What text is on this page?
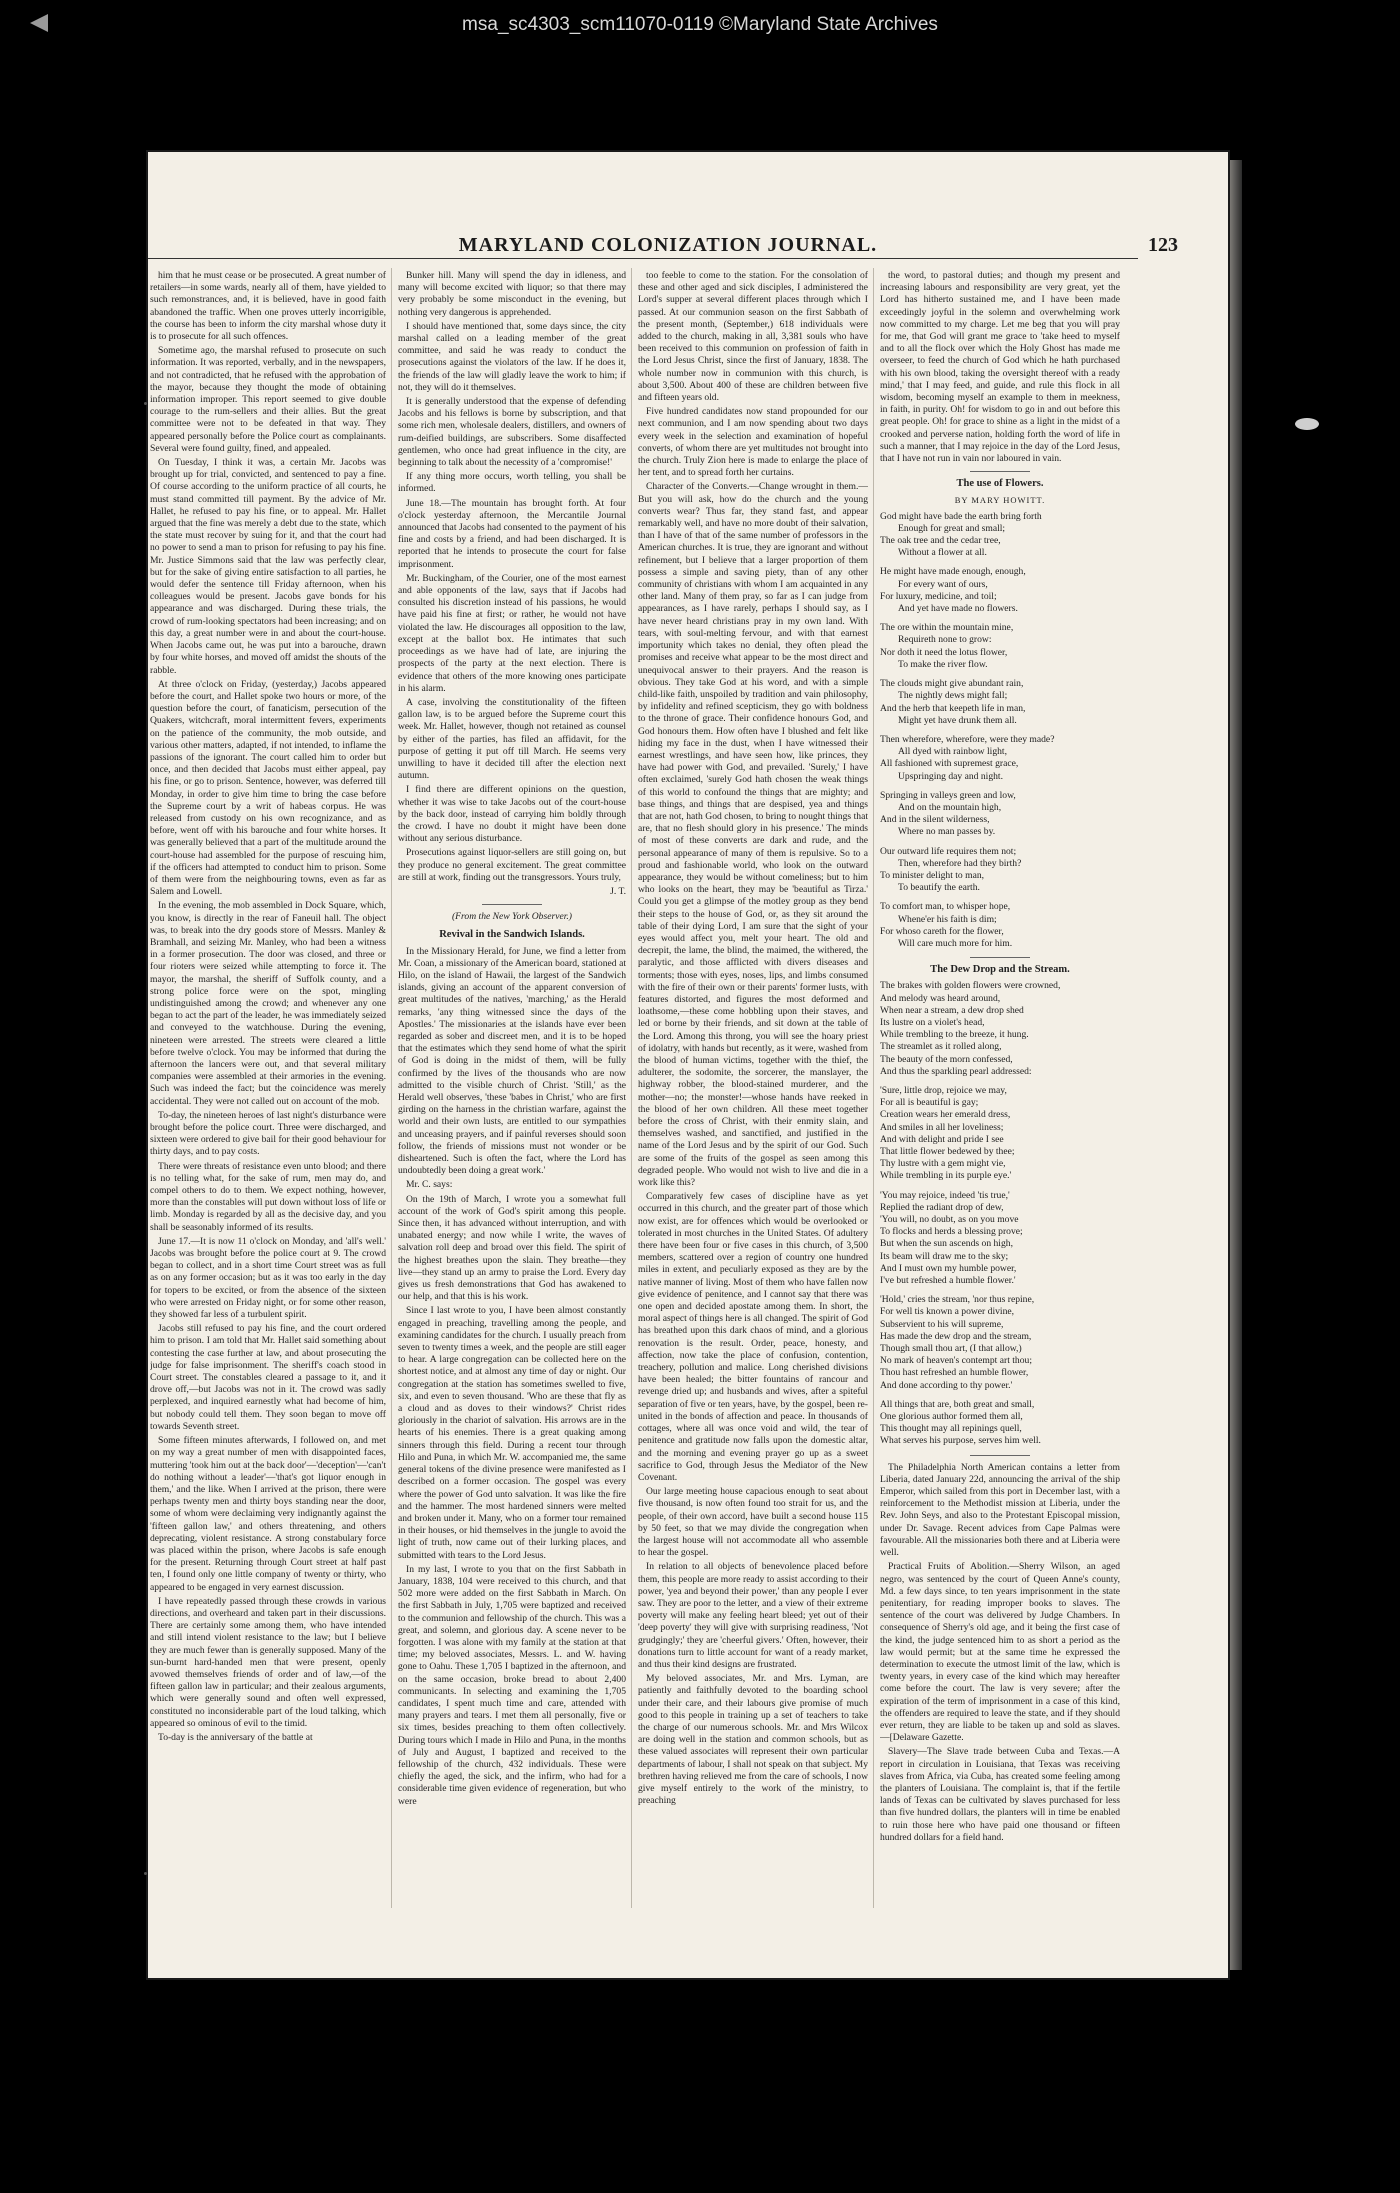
msa_sc4303_scm11070-0119 ©Maryland State Archives
MARYLAND COLONIZATION JOURNAL.	123

him that he must cease or be prosecuted. A great number of retailers—in some wards, nearly all of them, have yielded to such remonstrances, and, it is believed, have in good faith abandoned the traffic. When one proves utterly incorrigible, the course has been to inform the city marshal whose duty it is to prosecute for all such offences.

Sometime ago, the marshal refused to prosecute on such information. It was reported, verbally, and in the newspapers, and not contradicted, that he refused with the approbation of the mayor, because they thought the mode of obtaining information improper. This report seemed to give double courage to the rum-sellers and their allies. But the great committee were not to be defeated in that way. They appeared personally before the Police court as complainants. Several were found guilty, fined, and appealed.

On Tuesday, I think it was, a certain Mr. Jacobs was brought up for trial, convicted, and sentenced to pay a fine. Of course according to the uniform practice of all courts, he must stand committed till payment. By the advice of Mr. Hallet, he refused to pay his fine, or to appeal. Mr. Hallet argued that the fine was merely a debt due to the state, which the state must recover by suing for it, and that the court had no power to send a man to prison for refusing to pay his fine. Mr. Justice Simmons said that the law was perfectly clear, but for the sake of giving entire satisfaction to all parties, he would defer the sentence till Friday afternoon, when his colleagues would be present. Jacobs gave bonds for his appearance and was discharged. During these trials, the crowd of rum-looking spectators had been increasing; and on this day, a great number were in and about the court-house. When Jacobs came out, he was put into a barouche, drawn by four white horses, and moved off amidst the shouts of the rabble.

At three o'clock on Friday, (yesterday,) Jacobs appeared before the court, and Hallet spoke two hours or more, of the question before the court, of fanaticism, persecution of the Quakers, witchcraft, moral intermittent fevers, experiments on the patience of the community, the mob outside, and various other matters, adapted, if not intended, to inflame the passions of the ignorant. The court called him to order but once, and then decided that Jacobs must either appeal, pay his fine, or go to prison. Sentence, however, was deferred till Monday, in order to give him time to bring the case before the Supreme court by a writ of habeas corpus. He was released from custody on his own recognizance, and as before, went off with his barouche and four white horses. It was generally believed that a part of the multitude around the court-house had assembled for the purpose of rescuing him, if the officers had attempted to conduct him to prison. Some of them were from the neighbouring towns, even as far as Salem and Lowell.

In the evening, the mob assembled in Dock Square, which, you know, is directly in the rear of Faneuil hall. The object was, to break into the dry goods store of Messrs. Manley & Bramhall, and seizing Mr. Manley, who had been a witness in a former prosecution. The door was closed, and three or four rioters were seized while attempting to force it. The mayor, the marshal, the sheriff of Suffolk county, and a strong police force were on the spot, mingling undistinguished among the crowd; and whenever any one began to act the part of the leader, he was immediately seized and conveyed to the watchhouse. During the evening, nineteen were arrested. The streets were cleared a little before twelve o'clock. You may be informed that during the afternoon the lancers were out, and that several military companies were assembled at their armories in the evening. Such was indeed the fact; but the coincidence was merely accidental. They were not called out on account of the mob.

To-day, the nineteen heroes of last night's disturbance were brought before the police court. Three were discharged, and sixteen were ordered to give bail for their good behaviour for thirty days, and to pay costs.

There were threats of resistance even unto blood; and there is no telling what, for the sake of rum, men may do, and compel others to do to them. We expect nothing, however, more than the constables will put down without loss of life or limb. Monday is regarded by all as the decisive day, and you shall be seasonably informed of its results.

June 17.—It is now 11 o'clock on Monday, and 'all's well.' Jacobs was brought before the police court at 9. The crowd began to collect, and in a short time Court street was as full as on any former occasion; but as it was too early in the day for topers to be excited, or from the absence of the sixteen who were arrested on Friday night, or for some other reason, they showed far less of a turbulent spirit.

Jacobs still refused to pay his fine, and the court ordered him to prison. I am told that Mr. Hallet said something about contesting the case further at law, and about prosecuting the judge for false imprisonment. The sheriff's coach stood in Court street. The constables cleared a passage to it, and it drove off,—but Jacobs was not in it. The crowd was sadly perplexed, and inquired earnestly what had become of him, but nobody could tell them. They soon began to move off towards Seventh street.

Some fifteen minutes afterwards, I followed on, and met on my way a great number of men with disappointed faces, muttering 'took him out at the back door'—'deception'—'can't do nothing without a leader'—'that's got liquor enough in them,' and the like. When I arrived at the prison, there were perhaps twenty men and thirty boys standing near the door, some of whom were declaiming very indignantly against the 'fifteen gallon law,' and others threatening, and others deprecating, violent resistance. A strong constabulary force was placed within the prison, where Jacobs is safe enough for the present. Returning through Court street at half past ten, I found only one little company of twenty or thirty, who appeared to be engaged in very earnest discussion.

I have repeatedly passed through these crowds in various directions, and overheard and taken part in their discussions. There are certainly some among them, who have intended and still intend violent resistance to the law; but I believe they are much fewer than is generally supposed. Many of the sun-burnt hard-handed men that were present, openly avowed themselves friends of order and of law,—of the fifteen gallon law in particular; and their zealous arguments, which were generally sound and often well expressed, constituted no inconsiderable part of the loud talking, which appeared so ominous of evil to the timid.

To-day is the anniversary of the battle at

Bunker hill. Many will spend the day in idleness, and many will become excited with liquor; so that there may very probably be some misconduct in the evening, but nothing very dangerous is apprehended.

I should have mentioned that, some days since, the city marshal called on a leading member of the great committee, and said he was ready to conduct the prosecutions against the violators of the law. If he does it, the friends of the law will gladly leave the work to him; if not, they will do it themselves.

It is generally understood that the expense of defending Jacobs and his fellows is borne by subscription, and that some rich men, wholesale dealers, distillers, and owners of rum-deified buildings, are subscribers. Some disaffected gentlemen, who once had great influence in the city, are beginning to talk about the necessity of a 'compromise!'

If any thing more occurs, worth telling, you shall be informed.

June 18.—The mountain has brought forth. At four o'clock yesterday afternoon, the Mercantile Journal announced that Jacobs had consented to the payment of his fine and costs by a friend, and had been discharged. It is reported that he intends to prosecute the court for false imprisonment.

Mr. Buckingham, of the Courier, one of the most earnest and able opponents of the law, says that if Jacobs had consulted his discretion instead of his passions, he would have paid his fine at first; or rather, he would not have violated the law. He discourages all opposition to the law, except at the ballot box. He intimates that such proceedings as we have had of late, are injuring the prospects of the party at the next election. There is evidence that others of the more knowing ones participate in his alarm.

A case, involving the constitutionality of the fifteen gallon law, is to be argued before the Supreme court this week. Mr. Hallet, however, though not retained as counsel by either of the parties, has filed an affidavit, for the purpose of getting it put off till March. He seems very unwilling to have it decided till after the election next autumn.

I find there are different opinions on the question, whether it was wise to take Jacobs out of the court-house by the back door, instead of carrying him boldly through the crowd. I have no doubt it might have been done without any serious disturbance.

Prosecutions against liquor-sellers are still going on, but they produce no general excitement. The great committee are still at work, finding out the transgressors. Yours truly,

J. T.

(From the New York Observer.)

Revival in the Sandwich Islands.

In the Missionary Herald, for June, we find a letter from Mr. Coan, a missionary of the American board, stationed at Hilo, on the island of Hawaii, the largest of the Sandwich islands, giving an account of the apparent conversion of great multitudes of the natives, 'marching,' as the Herald remarks, 'any thing witnessed since the days of the Apostles.' The missionaries at the islands have ever been regarded as sober and discreet men, and it is to be hoped that the estimates which they send home of what the spirit of God is doing in the midst of them, will be fully confirmed by the lives of the thousands who are now admitted to the visible church of Christ. 'Still,' as the Herald well observes, 'these 'babes in Christ,' who are first girding on the harness in the christian warfare, against the world and their own lusts, are entitled to our sympathies and unceasing prayers, and if painful reverses should soon follow, the friends of missions must not wonder or be disheartened. Such is often the fact, where the Lord has undoubtedly been doing a great work.'

Mr. C. says:

On the 19th of March, I wrote you a somewhat full account of the work of God's spirit among this people. Since then, it has advanced without interruption, and with unabated energy; and now while I write, the waves of salvation roll deep and broad over this field. The spirit of the highest breathes upon the slain. They breathe—they live—they stand up an army to praise the Lord. Every day gives us fresh demonstrations that God has awakened to our help, and that this is his work.

Since I last wrote to you, I have been almost constantly engaged in preaching, travelling among the people, and examining candidates for the church. I usually preach from seven to twenty times a week, and the people are still eager to hear. A large congregation can be collected here on the shortest notice, and at almost any time of day or night. Our congregation at the station has sometimes swelled to five, six, and even to seven thousand. 'Who are these that fly as a cloud and as doves to their windows?' Christ rides gloriously in the chariot of salvation. His arrows are in the hearts of his enemies. There is a great quaking among sinners through this field. During a recent tour through Hilo and Puna, in which Mr. W. accompanied me, the same general tokens of the divine presence were manifested as I described on a former occasion. The gospel was every where the power of God unto salvation. It was like the fire and the hammer. The most hardened sinners were melted and broken under it. Many, who on a former tour remained in their houses, or hid themselves in the jungle to avoid the light of truth, now came out of their lurking places, and submitted with tears to the Lord Jesus.

In my last, I wrote to you that on the first Sabbath in January, 1838, 104 were received to this church, and that 502 more were added on the first Sabbath in March. On the first Sabbath in July, 1,705 were baptized and received to the communion and fellowship of the church. This was a great, and solemn, and glorious day. A scene never to be forgotten. I was alone with my family at the station at that time; my beloved associates, Messrs. L. and W. having gone to Oahu. These 1,705 I baptized in the afternoon, and on the same occasion, broke bread to about 2,400 communicants. In selecting and examining the 1,705 candidates, I spent much time and care, attended with many prayers and tears. I met them all personally, five or six times, besides preaching to them often collectively. During tours which I made in Hilo and Puna, in the months of July and August, I baptized and received to the fellowship of the church, 432 individuals. These were chiefly the aged, the sick, and the infirm, who had for a considerable time given evidence of regeneration, but who were

too feeble to come to the station. For the consolation of these and other aged and sick disciples, I administered the Lord's supper at several different places through which I passed. At our communion season on the first Sabbath of the present month, (September,) 618 individuals were added to the church, making in all, 3,381 souls who have been received to this communion on profession of faith in the Lord Jesus Christ, since the first of January, 1838. The whole number now in communion with this church, is about 3,500. About 400 of these are children between five and fifteen years old.

Five hundred candidates now stand propounded for our next communion, and I am now spending about two days every week in the selection and examination of hopeful converts, of whom there are yet multitudes not brought into the church. Truly Zion here is made to enlarge the place of her tent, and to spread forth her curtains.

Character of the Converts.—Change wrought in them.—But you will ask, how do the church and the young converts wear? Thus far, they stand fast, and appear remarkably well, and have no more doubt of their salvation, than I have of that of the same number of professors in the American churches. It is true, they are ignorant and without refinement, but I believe that a larger proportion of them possess a simple and saving piety, than of any other community of christians with whom I am acquainted in any other land. Many of them pray, so far as I can judge from appearances, as I have rarely, perhaps I should say, as I have never heard christians pray in my own land. With tears, with soul-melting fervour, and with that earnest importunity which takes no denial, they often plead the promises and receive what appear to be the most direct and unequivocal answer to their prayers. And the reason is obvious. They take God at his word, and with a simple child-like faith, unspoiled by tradition and vain philosophy, by infidelity and refined scepticism, they go with boldness to the throne of grace. Their confidence honours God, and God honours them. How often have I blushed and felt like hiding my face in the dust, when I have witnessed their earnest wrestlings, and have seen how, like princes, they have had power with God, and prevailed. 'Surely,' I have often exclaimed, 'surely God hath chosen the weak things of this world to confound the things that are mighty; and base things, and things that are despised, yea and things that are not, hath God chosen, to bring to nought things that are, that no flesh should glory in his presence.' The minds of most of these converts are dark and rude, and the personal appearance of many of them is repulsive. So to a proud and fashionable world, who look on the outward appearance, they would be without comeliness; but to him who looks on the heart, they may be 'beautiful as Tirza.' Could you get a glimpse of the motley group as they bend their steps to the house of God, or, as they sit around the table of their dying Lord, I am sure that the sight of your eyes would affect you, melt your heart. The old and decrepit, the lame, the blind, the maimed, the withered, the paralytic, and those afflicted with divers diseases and torments; those with eyes, noses, lips, and limbs consumed with the fire of their own or their parents' former lusts, with features distorted, and figures the most deformed and loathsome,—these come hobbling upon their staves, and led or borne by their friends, and sit down at the table of the Lord. Among this throng, you will see the hoary priest of idolatry, with hands but recently, as it were, washed from the blood of human victims, together with the thief, the adulterer, the sodomite, the sorcerer, the manslayer, the highway robber, the blood-stained murderer, and the mother—no; the monster!—whose hands have reeked in the blood of her own children. All these meet together before the cross of Christ, with their enmity slain, and themselves washed, and sanctified, and justified in the name of the Lord Jesus and by the spirit of our God. Such are some of the fruits of the gospel as seen among this degraded people. Who would not wish to live and die in a work like this?

Comparatively few cases of discipline have as yet occurred in this church, and the greater part of those which now exist, are for offences which would be overlooked or tolerated in most churches in the United States. Of adultery there have been four or five cases in this church, of 3,500 members, scattered over a region of country one hundred miles in extent, and peculiarly exposed as they are by the native manner of living. Most of them who have fallen now give evidence of penitence, and I cannot say that there was one open and decided apostate among them. In short, the moral aspect of things here is all changed. The spirit of God has breathed upon this dark chaos of mind, and a glorious renovation is the result. Order, peace, honesty, and affection, now take the place of confusion, contention, treachery, pollution and malice. Long cherished divisions have been healed; the bitter fountains of rancour and revenge dried up; and husbands and wives, after a spiteful separation of five or ten years, have, by the gospel, been re-united in the bonds of affection and peace. In thousands of cottages, where all was once void and wild, the tear of penitence and gratitude now falls upon the domestic altar, and the morning and evening prayer go up as a sweet sacrifice to God, through Jesus the Mediator of the New Covenant.

Our large meeting house capacious enough to seat about five thousand, is now often found too strait for us, and the people, of their own accord, have built a second house 115 by 50 feet, so that we may divide the congregation when the largest house will not accommodate all who assemble to hear the gospel.

In relation to all objects of benevolence placed before them, this people are more ready to assist according to their power, 'yea and beyond their power,' than any people I ever saw. They are poor to the letter, and a view of their extreme poverty will make any feeling heart bleed; yet out of their 'deep poverty' they will give with surprising readiness, 'Not grudgingly;' they are 'cheerful givers.' Often, however, their donations turn to little account for want of a ready market, and thus their kind designs are frustrated.

My beloved associates, Mr. and Mrs. Lyman, are patiently and faithfully devoted to the boarding school under their care, and their labours give promise of much good to this people in training up a set of teachers to take the charge of our numerous schools. Mr. and Mrs Wilcox are doing well in the station and common schools, but as these valued associates will represent their own particular departments of labour, I shall not speak on that subject. My brethren having relieved me from the care of schools, I now give myself entirely to the work of the ministry, to preaching

the word, to pastoral duties; and though my present and increasing labours and responsibility are very great, yet the Lord has hitherto sustained me, and I have been made exceedingly joyful in the solemn and overwhelming work now committed to my charge. Let me beg that you will pray for me, that God will grant me grace to 'take heed to myself and to all the flock over which the Holy Ghost has made me overseer, to feed the church of God which he hath purchased with his own blood, taking the oversight thereof with a ready mind,' that I may feed, and guide, and rule this flock in all wisdom, becoming myself an example to them in meekness, in faith, in purity. Oh! for wisdom to go in and out before this great people. Oh! for grace to shine as a light in the midst of a crooked and perverse nation, holding forth the word of life in such a manner, that I may rejoice in the day of the Lord Jesus, that I have not run in vain nor laboured in vain.

The use of Flowers.

BY MARY HOWITT.

God might have bade the earth bring forth
Enough for great and small;
The oak tree and the cedar tree,
Without a flower at all.
He might have made enough, enough,
For every want of ours,
For luxury, medicine, and toil;
And yet have made no flowers.
The ore within the mountain mine,
Requireth none to grow:
Nor doth it need the lotus flower,
To make the river flow.
The clouds might give abundant rain,
The nightly dews might fall;
And the herb that keepeth life in man,
Might yet have drunk them all.
Then wherefore, wherefore, were they made?
All dyed with rainbow light,
All fashioned with supremest grace,
Upspringing day and night.
Springing in valleys green and low,
And on the mountain high,
And in the silent wilderness,
Where no man passes by.
Our outward life requires them not;
Then, wherefore had they birth?
To minister delight to man,
To beautify the earth.
To comfort man, to whisper hope,
Whene'er his faith is dim;
For whoso careth for the flower,
Will care much more for him.

The Dew Drop and the Stream.

The brakes with golden flowers were crowned,
And melody was heard around,
When near a stream, a dew drop shed
Its lustre on a violet's head,
While trembling to the breeze, it hung.
The streamlet as it rolled along,
The beauty of the morn confessed,
And thus the sparkling pearl addressed:
'Sure, little drop, rejoice we may,
For all is beautiful is gay;
Creation wears her emerald dress,
And smiles in all her loveliness;
And with delight and pride I see
That little flower bedewed by thee;
Thy lustre with a gem might vie,
While trembling in its purple eye.'
'You may rejoice, indeed 'tis true,'
Replied the radiant drop of dew,
'You will, no doubt, as on you move
To flocks and herds a blessing prove;
But when the sun ascends on high,
Its beam will draw me to the sky;
And I must own my humble power,
I've but refreshed a humble flower.'
'Hold,' cries the stream, 'nor thus repine,
For well tis known a power divine,
Subservient to his will supreme,
Has made the dew drop and the stream,
Though small thou art, (I that allow,)
No mark of heaven's contempt art thou;
Thou hast refreshed an humble flower,
And done according to thy power.'
All things that are, both great and small,
One glorious author formed them all,
This thought may all repinings quell,
What serves his purpose, serves him well.

The Philadelphia North American contains a letter from Liberia, dated January 22d, announcing the arrival of the ship Emperor, which sailed from this port in December last, with a reinforcement to the Methodist mission at Liberia, under the Rev. John Seys, and also to the Protestant Episcopal mission, under Dr. Savage. Recent advices from Cape Palmas were favourable. All the missionaries both there and at Liberia were well.

Practical Fruits of Abolition.—Sherry Wilson, an aged negro, was sentenced by the court of Queen Anne's county, Md. a few days since, to ten years imprisonment in the state penitentiary, for reading improper books to slaves. The sentence of the court was delivered by Judge Chambers. In consequence of Sherry's old age, and it being the first case of the kind, the judge sentenced him to as short a period as the law would permit; but at the same time he expressed the determination to execute the utmost limit of the law, which is twenty years, in every case of the kind which may hereafter come before the court. The law is very severe; after the expiration of the term of imprisonment in a case of this kind, the offenders are required to leave the state, and if they should ever return, they are liable to be taken up and sold as slaves.—[Delaware Gazette.

Slavery—The Slave trade between Cuba and Texas.—A report in circulation in Louisiana, that Texas was receiving slaves from Africa, via Cuba, has created some feeling among the planters of Louisiana. The complaint is, that if the fertile lands of Texas can be cultivated by slaves purchased for less than five hundred dollars, the planters will in time be enabled to ruin those here who have paid one thousand or fifteen hundred dollars for a field hand.
